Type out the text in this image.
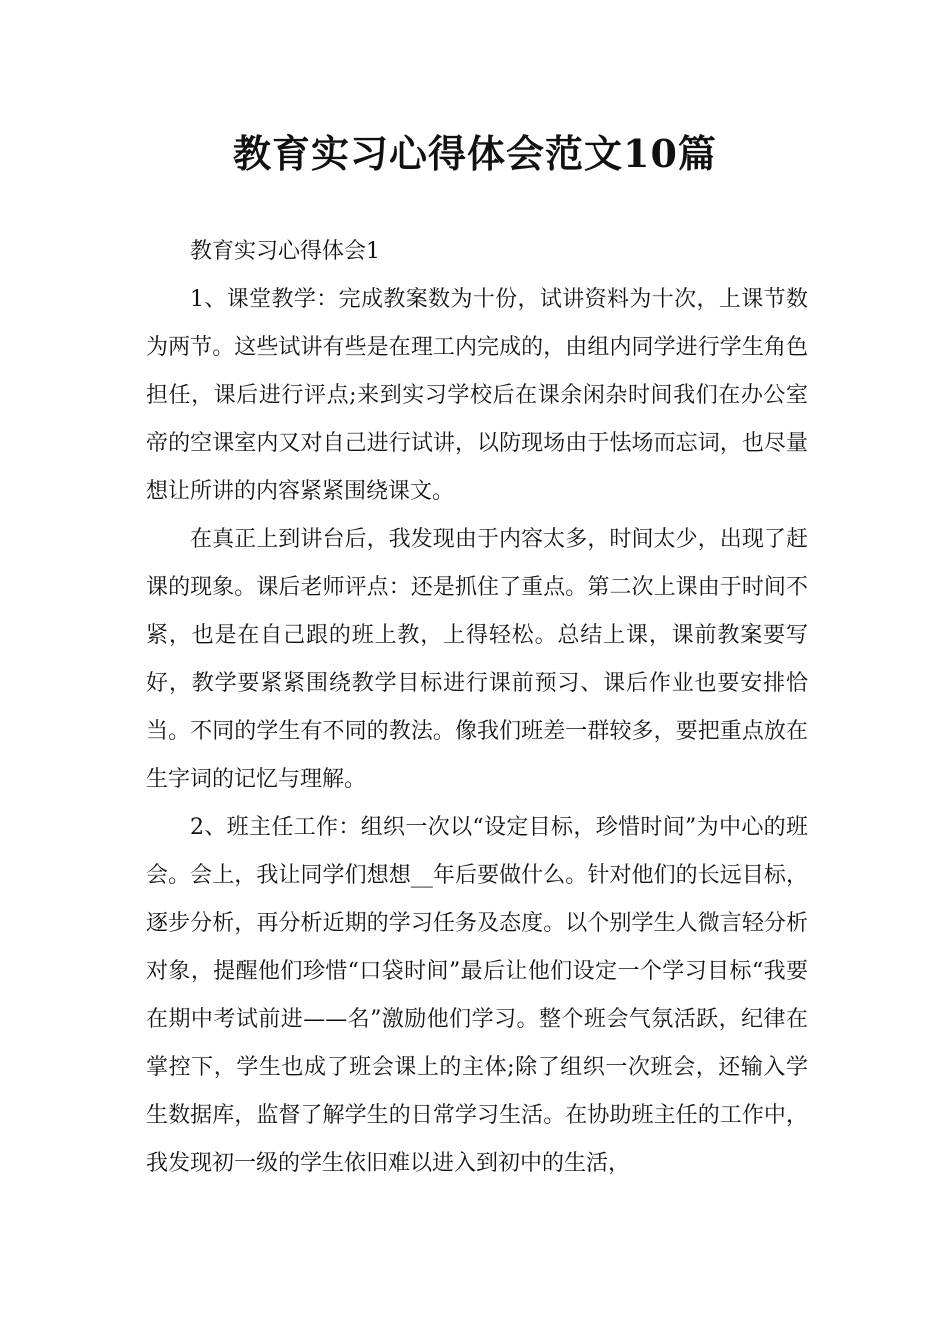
教育实习心得体会范文10篇

教育实习心得体会1

1、课堂教学：完成教案数为十份，试讲资料为十次，上课节数为两节。这些试讲有些是在理工内完成的，由组内同学进行学生角色担任，课后进行评点;来到实习学校后在课余闲杂时间我们在办公室帝的空课室内又对自己进行试讲，以防现场由于怯场而忘词，也尽量想让所讲的内容紧紧围绕课文。

在真正上到讲台后，我发现由于内容太多，时间太少，出现了赶课的现象。课后老师评点：还是抓住了重点。第二次上课由于时间不紧，也是在自己跟的班上教，上得轻松。总结上课，课前教案要写好，教学要紧紧围绕教学目标进行课前预习、课后作业也要安排恰当。不同的学生有不同的教法。像我们班差一群较多，要把重点放在生字词的记忆与理解。

2、班主任工作：组织一次以“设定目标，珍惜时间”为中心的班会。会上，我让同学们想想__年后要做什么。针对他们的长远目标，逐步分析，再分析近期的学习任务及态度。以个别学生人微言轻分析对象，提醒他们珍惜“口袋时间”最后让他们设定一个学习目标“我要在期中考试前进——名”激励他们学习。整个班会气氛活跃，纪律在掌控下，学生也成了班会课上的主体;除了组织一次班会，还输入学生数据库，监督了解学生的日常学习生活。在协助班主任的工作中，我发现初一级的学生依旧难以进入到初中的生活，
